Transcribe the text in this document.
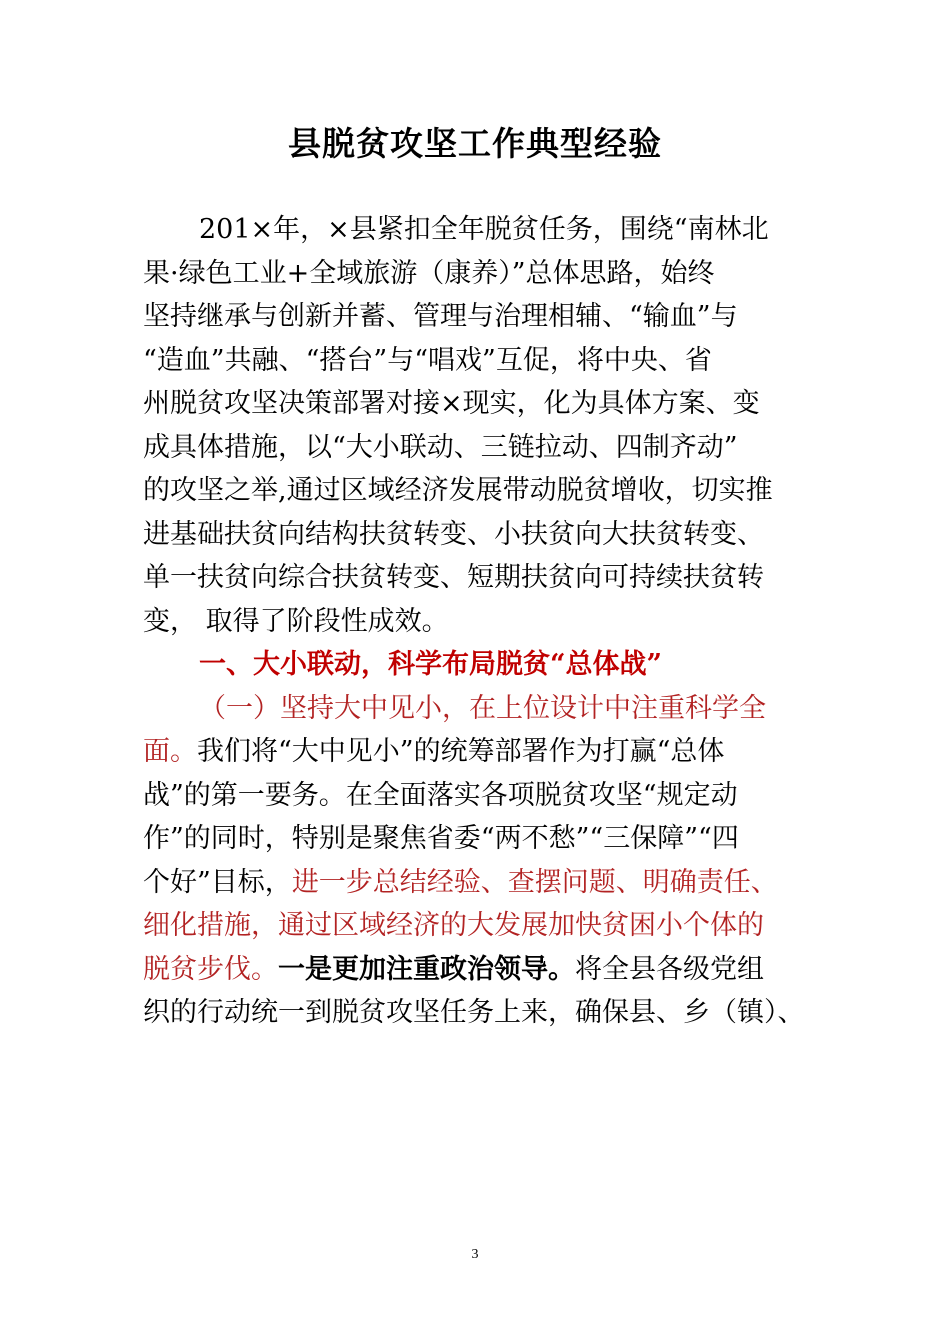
县脱贫攻坚工作典型经验
201×年，×县紧扣全年脱贫任务，围绕“南林北
果·绿色工业+全域旅游（康养）”总体思路，始终
坚持继承与创新并蓄、管理与治理相辅、“输血”与
“造血”共融、“搭台”与“唱戏”互促，将中央、省
州脱贫攻坚决策部署对接×现实，化为具体方案、变
成具体措施，以“大小联动、三链拉动、四制齐动”
的攻坚之举,通过区域经济发展带动脱贫增收，切实推
进基础扶贫向结构扶贫转变、小扶贫向大扶贫转变、
单一扶贫向综合扶贫转变、短期扶贫向可持续扶贫转
变， 取得了阶段性成效。
一、大小联动，科学布局脱贫“总体战”
（一）坚持大中见小，在上位设计中注重科学全
面。我们将“大中见小”的统筹部署作为打赢“总体
战”的第一要务。在全面落实各项脱贫攻坚“规定动
作”的同时，特别是聚焦省委“两不愁”“三保障”“四
个好”目标，进一步总结经验、查摆问题、明确责任、
细化措施，通过区域经济的大发展加快贫困小个体的
脱贫步伐。一是更加注重政治领导。将全县各级党组
织的行动统一到脱贫攻坚任务上来，确保县、乡（镇）、
3
